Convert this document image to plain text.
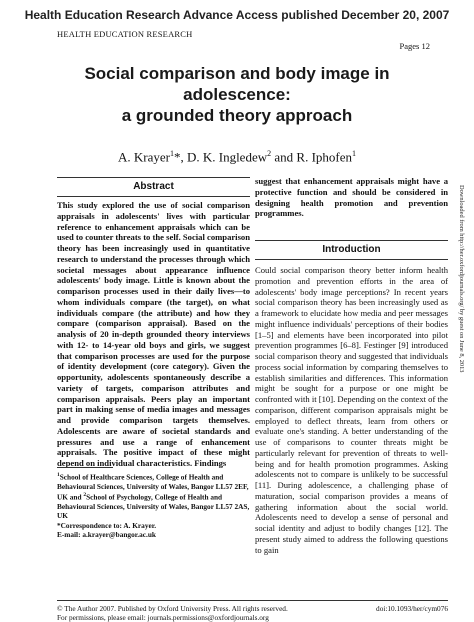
Health Education Research Advance Access published December 20, 2007
HEALTH EDUCATION RESEARCH
Pages 12
Social comparison and body image in adolescence:
a grounded theory approach
A. Krayer$^1$*, D. K. Ingledew$^2$ and R. Iphofen$^1$
Abstract

This study explored the use of social comparison appraisals in adolescents' lives with particular reference to enhancement appraisals which can be used to counter threats to the self. Social comparison theory has been increasingly used in quantitative research to understand the processes through which societal messages about appearance influence adolescents' body image. Little is known about the comparison processes used in their daily lives—to whom individuals compare (the target), on what individuals compare (the attribute) and how they compare (comparison appraisal). Based on the analysis of 20 in-depth grounded theory interviews with 12- to 14-year old boys and girls, we suggest that comparison processes are used for the purpose of identity development (core category). Given the opportunity, adolescents spontaneously describe a variety of targets, comparison attributes and comparison appraisals. Peers play an important part in making sense of media images and messages and provide comparison targets themselves. Adolescents are aware of societal standards and pressures and use a range of enhancement appraisals. The positive impact of these might depend on individual characteristics. Findings

suggest that enhancement appraisals might have a protective function and should be considered in designing health promotion and prevention programmes.

$^1$School of Healthcare Sciences, College of Health and Behavioural Sciences, University of Wales, Bangor LL57 2EF, UK and $^2$School of Psychology, College of Health and Behavioural Sciences, University of Wales, Bangor LL57 2AS, UK
*Correspondence to: A. Krayer.
E-mail: a.krayer@bangor.ac.uk
Introduction

Could social comparison theory better inform health promotion and prevention efforts in the area of adolescents' body image perceptions? In recent years social comparison theory has been increasingly used as a framework to elucidate how media and peer messages might influence individuals' perceptions of their bodies [1–5] and elements have been incorporated into pilot prevention programmes [6–8]. Festinger [9] introduced social comparison theory and suggested that individuals process social information by comparing themselves to establish similarities and differences. This information might be sought for a purpose or one might be confronted with it [10]. Depending on the context of the comparison, different comparison appraisals might be employed to deflect threats, learn from others or evaluate one's standing. A better understanding of the use of comparisons to counter threats might be particularly relevant for prevention of threats to well-being and for health promotion programmes. Asking adolescents not to compare is unlikely to be successful [11]. During adolescence, a challenging phase of maturation, social comparison provides a means of gathering information about the social world. Adolescents need to develop a sense of personal and social identity and adjust to bodily changes [12]. The present study aimed to address the following questions to gain

© The Author 2007. Published by Oxford University Press. All rights reserved.
For permissions, please email: journals.permissions@oxfordjournals.org
doi:10.1093/her/cym076
Downloaded from http://her.oxfordjournals.org/ by guest on June 8, 2013
